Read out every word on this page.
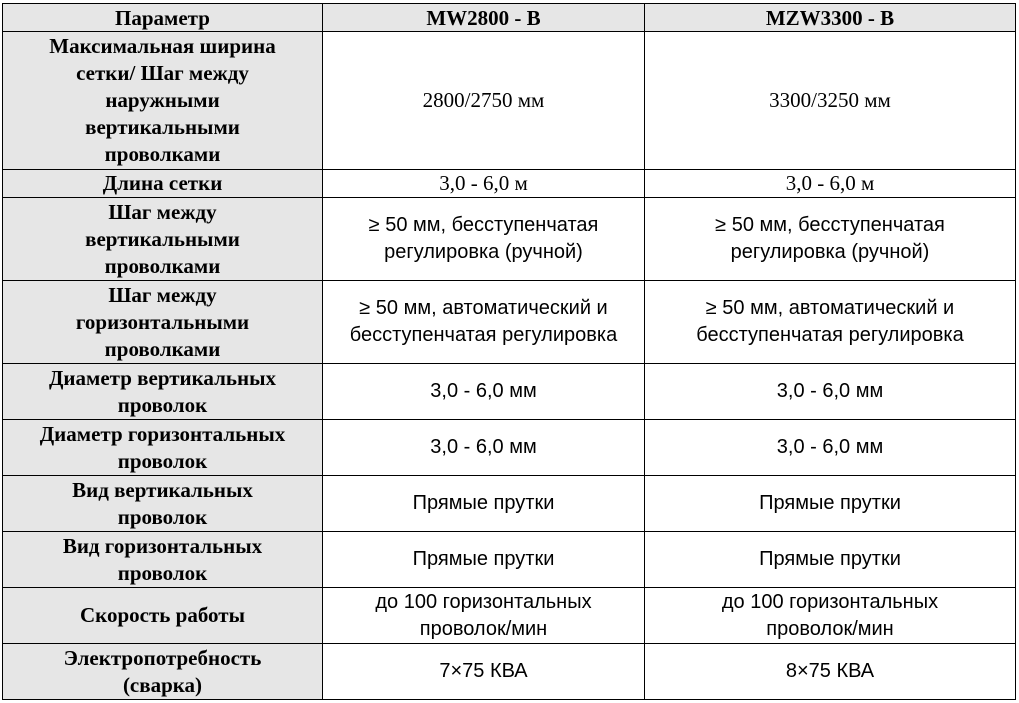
Параметр	MW2800 - B	MZW3300 - B
Максимальная ширина сетки/ Шаг между наружными вертикальными проволками	2800/2750 мм	3300/3250 мм
Длина сетки	3,0 - 6,0 м	3,0 - 6,0 м
Шаг между вертикальными проволками	≥ 50 мм, бесступенчатая регулировка (ручной)	≥ 50 мм, бесступенчатая регулировка (ручной)
Шаг между горизонтальными проволками	≥ 50 мм, автоматический и бесступенчатая регулировка	≥ 50 мм, автоматический и бесступенчатая регулировка
Диаметр вертикальных проволок	3,0 - 6,0 мм	3,0 - 6,0 мм
Диаметр горизонтальных проволок	3,0 - 6,0 мм	3,0 - 6,0 мм
Вид вертикальных проволок	Прямые прутки	Прямые прутки
Вид горизонтальных проволок	Прямые прутки	Прямые прутки
Скорость работы	до 100 горизонтальных проволок/мин	до 100 горизонтальных проволок/мин
Электропотребность (сварка)	7×75 КВА	8×75 КВА
